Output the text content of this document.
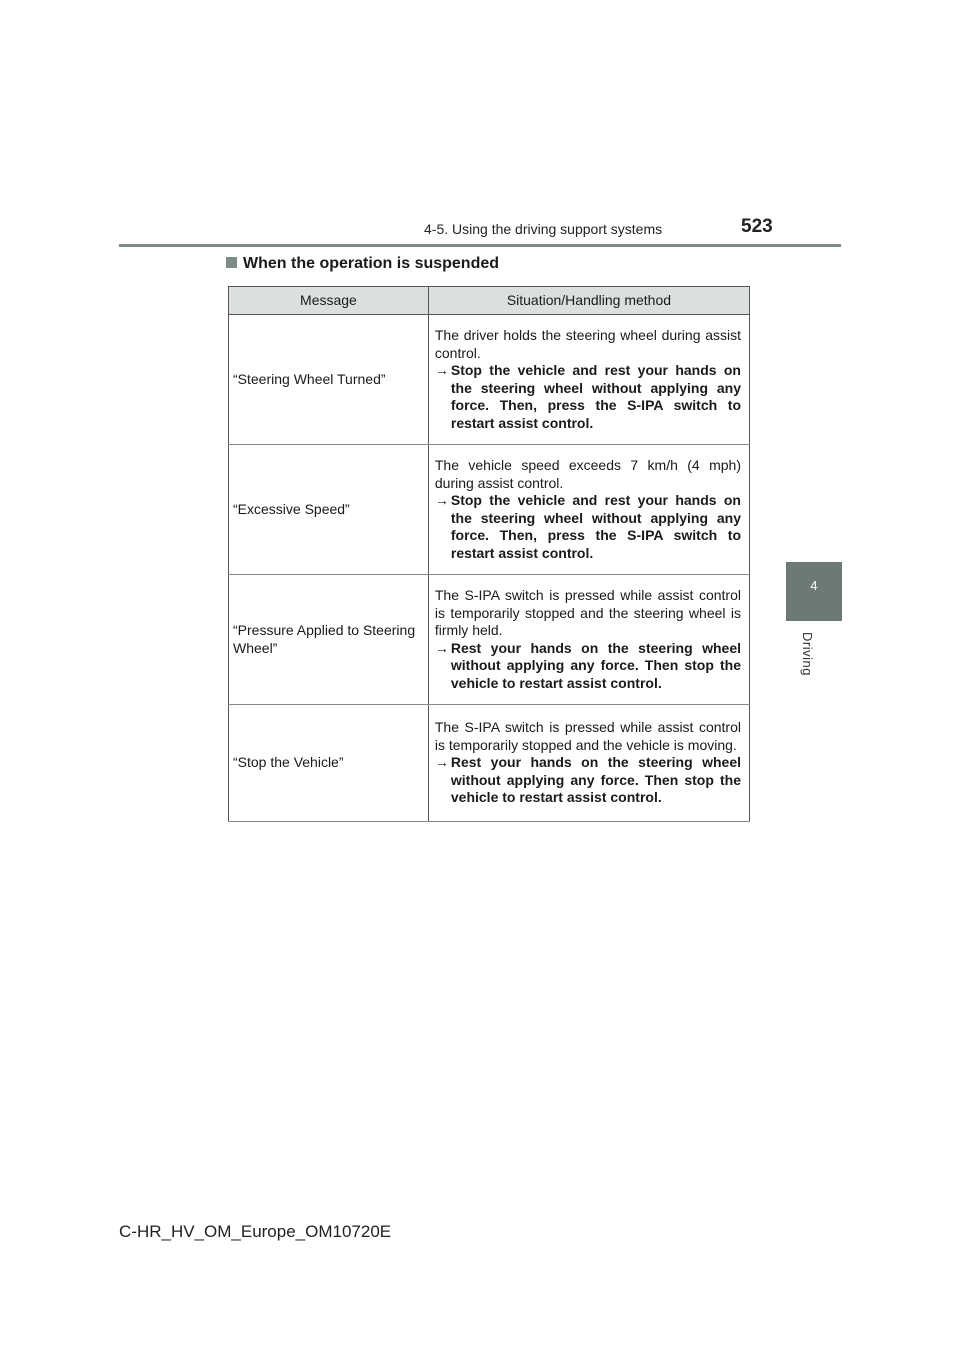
4-5. Using the driving support systems	523
4
Driving
When the operation is suspended
Message	Situation/Handling method
“Steering Wheel Turned”	The driver holds the steering wheel during assist control.
→ Stop the vehicle and rest your hands on the steering wheel without applying any force. Then, press the S-IPA switch to restart assist control.

“Excessive Speed”	The vehicle speed exceeds 7 km/h (4 mph) during assist control.
→ Stop the vehicle and rest your hands on the steering wheel without applying any force. Then, press the S-IPA switch to restart assist control.

“Pressure Applied to Steering Wheel”	The S-IPA switch is pressed while assist control is temporarily stopped and the steering wheel is firmly held.
→ Rest your hands on the steering wheel without applying any force. Then stop the vehicle to restart assist control.

“Stop the Vehicle”	The S-IPA switch is pressed while assist control is temporarily stopped and the vehicle is moving.
→ Rest your hands on the steering wheel without applying any force. Then stop the vehicle to restart assist control.
C-HR_HV_OM_Europe_OM10720E
